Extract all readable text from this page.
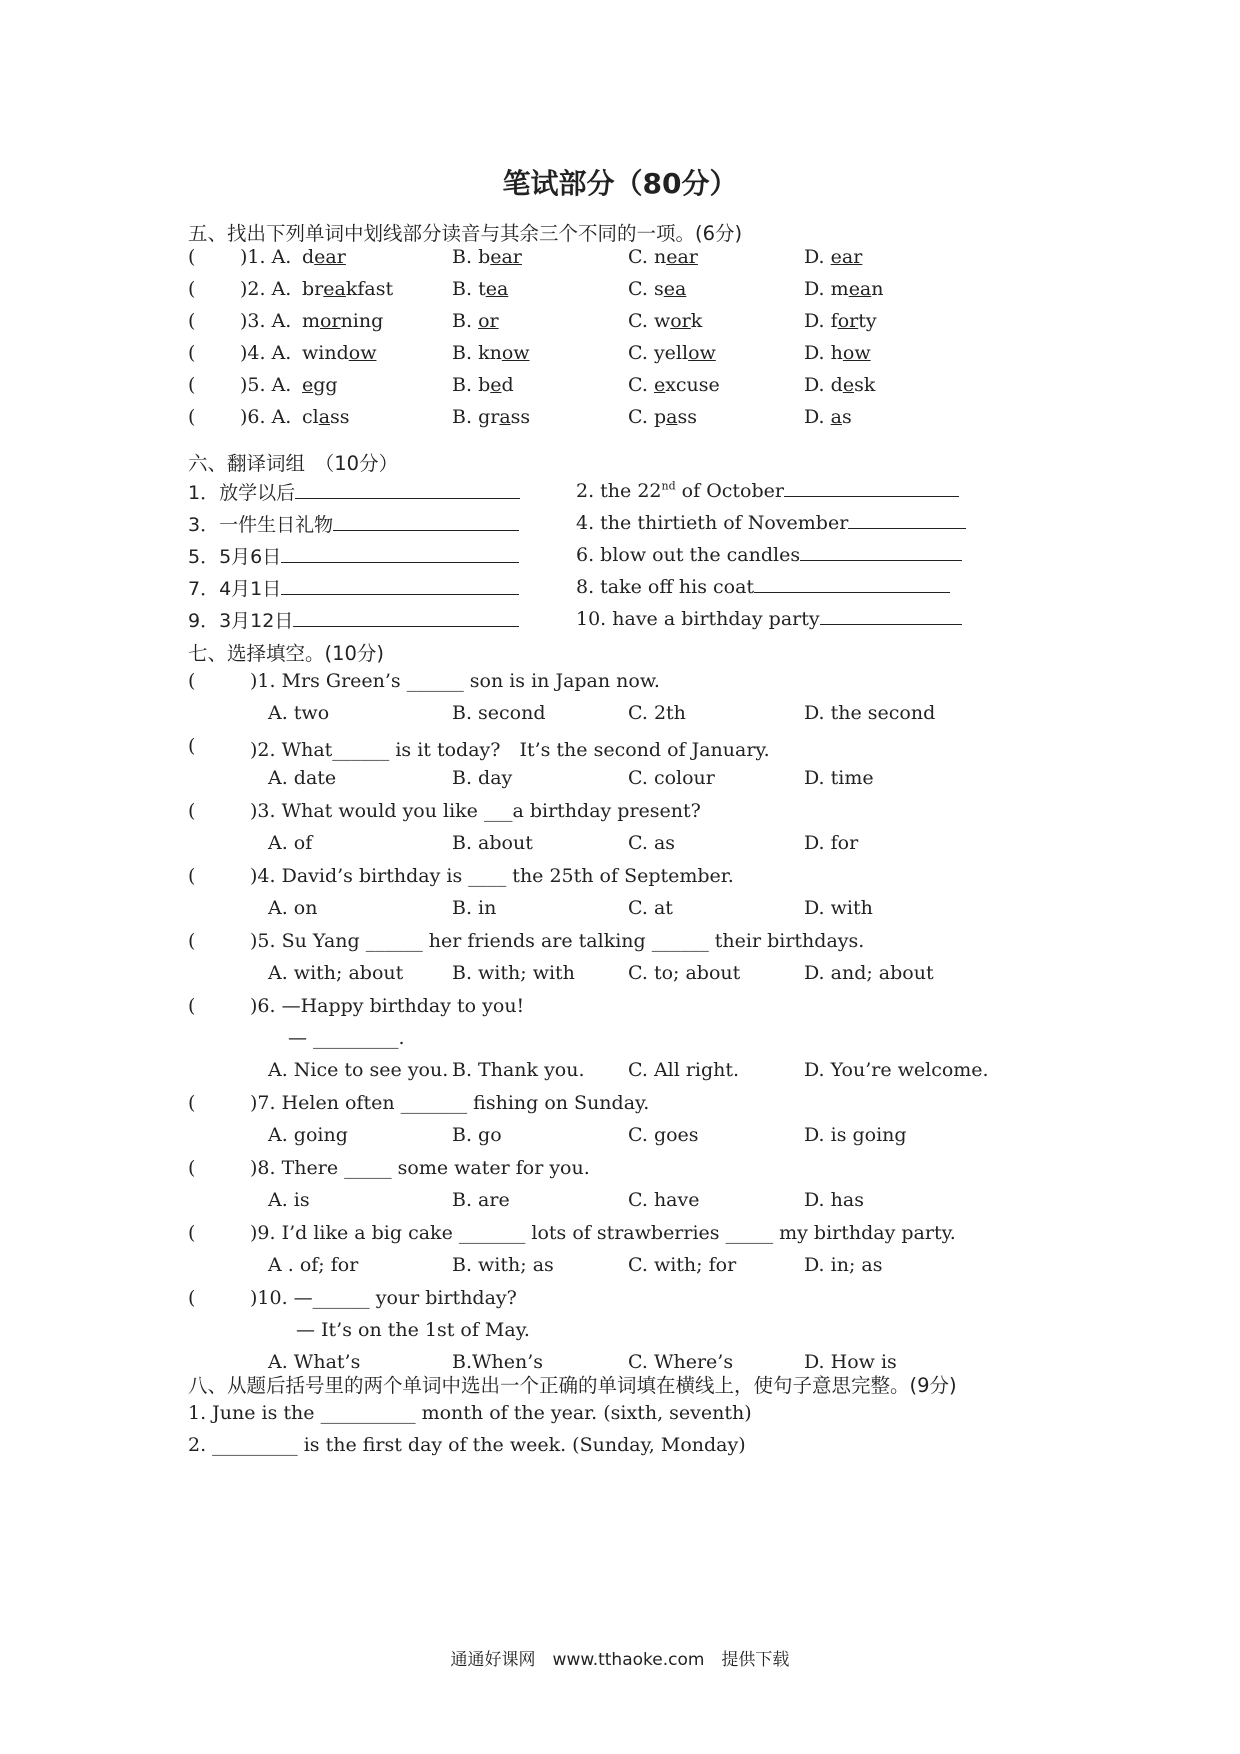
笔试部分（80分）
五、找出下列单词中划线部分读音与其余三个不同的一项。(6分)
( )1. A. dear	B. bear	C. near	D. ear
( )2. A. breakfast	B. tea	C. sea	D. mean
( )3. A. morning	B. or	C. work	D. forty
( )4. A. window	B. know	C. yellow	D. how
( )5. A. egg	B. bed	C. excuse	D. desk
( )6. A. class	B. grass	C. pass	D. as
六、翻译词组　（10分）
1．放学以后	2. the 22nd of October
3．一件生日礼物	4. the thirtieth of November
5．5月6日	6. blow out the candles
7．4月1日	8. take off his coat
9．3月12日	10. have a birthday party
七、选择填空。(10分)
(	)1. Mrs Green’s ______ son is in Japan now.
A. two	B. second	C. 2th	D. the second
(	)2. What______ is it today?　It’s the second of January.
A. date	B. day	C. colour	D. time
(	)3. What would you like ___a birthday present?
A. of	B. about	C. as	D. for
(	)4. David’s birthday is ____ the 25th of September.
A. on	B. in	C. at	D. with
(	)5. Su Yang ______ her friends are talking ______ their birthdays.
A. with; about	B. with; with	C. to; about	D. and; about
(	)6. —Happy birthday to you!
— _________.
A. Nice to see you. B. Thank you. C. All right.	D. You’re welcome.
(	)7. Helen often _______ fishing on Sunday.
A. going	B. go	C. goes	D. is going
(	)8. There _____ some water for you.
A. is	B. are	C. have	D. has
(	)9. I’d like a big cake _______ lots of strawberries _____ my birthday party.
A . of; for	B. with; as	C. with; for	D. in; as
(	)10. —______ your birthday?
— It’s on the 1st of May.
A. What’s	B.When’s	C. Where’s	D. How is
八、从题后括号里的两个单词中选出一个正确的单词填在横线上，使句子意思完整。(9分)
1. June is the __________ month of the year. (sixth, seventh)
2. _________ is the first day of the week. (Sunday, Monday)
通通好课网　www.tthaoke.com　提供下载
